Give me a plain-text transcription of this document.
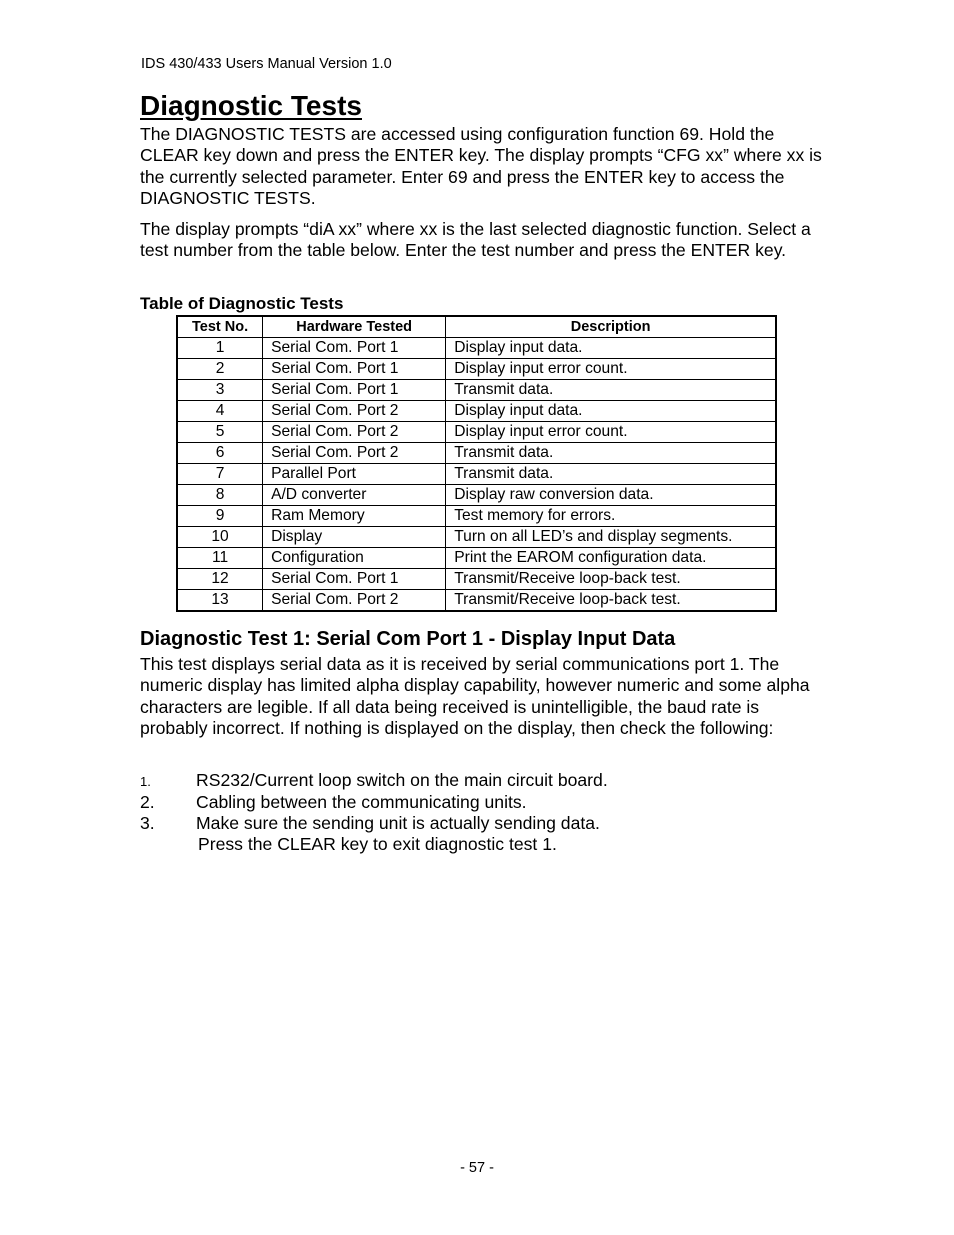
IDS 430/433 Users Manual Version 1.0
Diagnostic Tests

The DIAGNOSTIC TESTS are accessed using configuration function 69. Hold the CLEAR key down and press the ENTER key. The display prompts “CFG xx” where xx is the currently selected parameter. Enter 69 and press the ENTER key to access the DIAGNOSTIC TESTS.

The display prompts “diA xx” where xx is the last selected diagnostic function. Select a test number from the table below. Enter the test number and press the ENTER key.

Table of Diagnostic Tests
Test No.	Hardware Tested	Description
1	Serial Com. Port 1	Display input data.
2	Serial Com. Port 1	Display input error count.
3	Serial Com. Port 1	Transmit data.
4	Serial Com. Port 2	Display input data.
5	Serial Com. Port 2	Display input error count.
6	Serial Com. Port 2	Transmit data.
7	Parallel Port	Transmit data.
8	A/D converter	Display raw conversion data.
9	Ram Memory	Test memory for errors.
10	Display	Turn on all LED’s and display segments.
11	Configuration	Print the EAROM configuration data.
12	Serial Com. Port 1	Transmit/Receive loop-back test.
13	Serial Com. Port 2	Transmit/Receive loop-back test.
Diagnostic Test 1: Serial Com Port 1 - Display Input Data

This test displays serial data as it is received by serial communications port 1. The numeric display has limited alpha display capability, however numeric and some alpha characters are legible. If all data being received is unintelligible, the baud rate is probably incorrect. If nothing is displayed on the display, then check the following:

1.	RS232/Current loop switch on the main circuit board.
2. Cabling between the communicating units.
3. Make sure the sending unit is actually sending data.
Press the CLEAR key to exit diagnostic test 1.
- 57 -
